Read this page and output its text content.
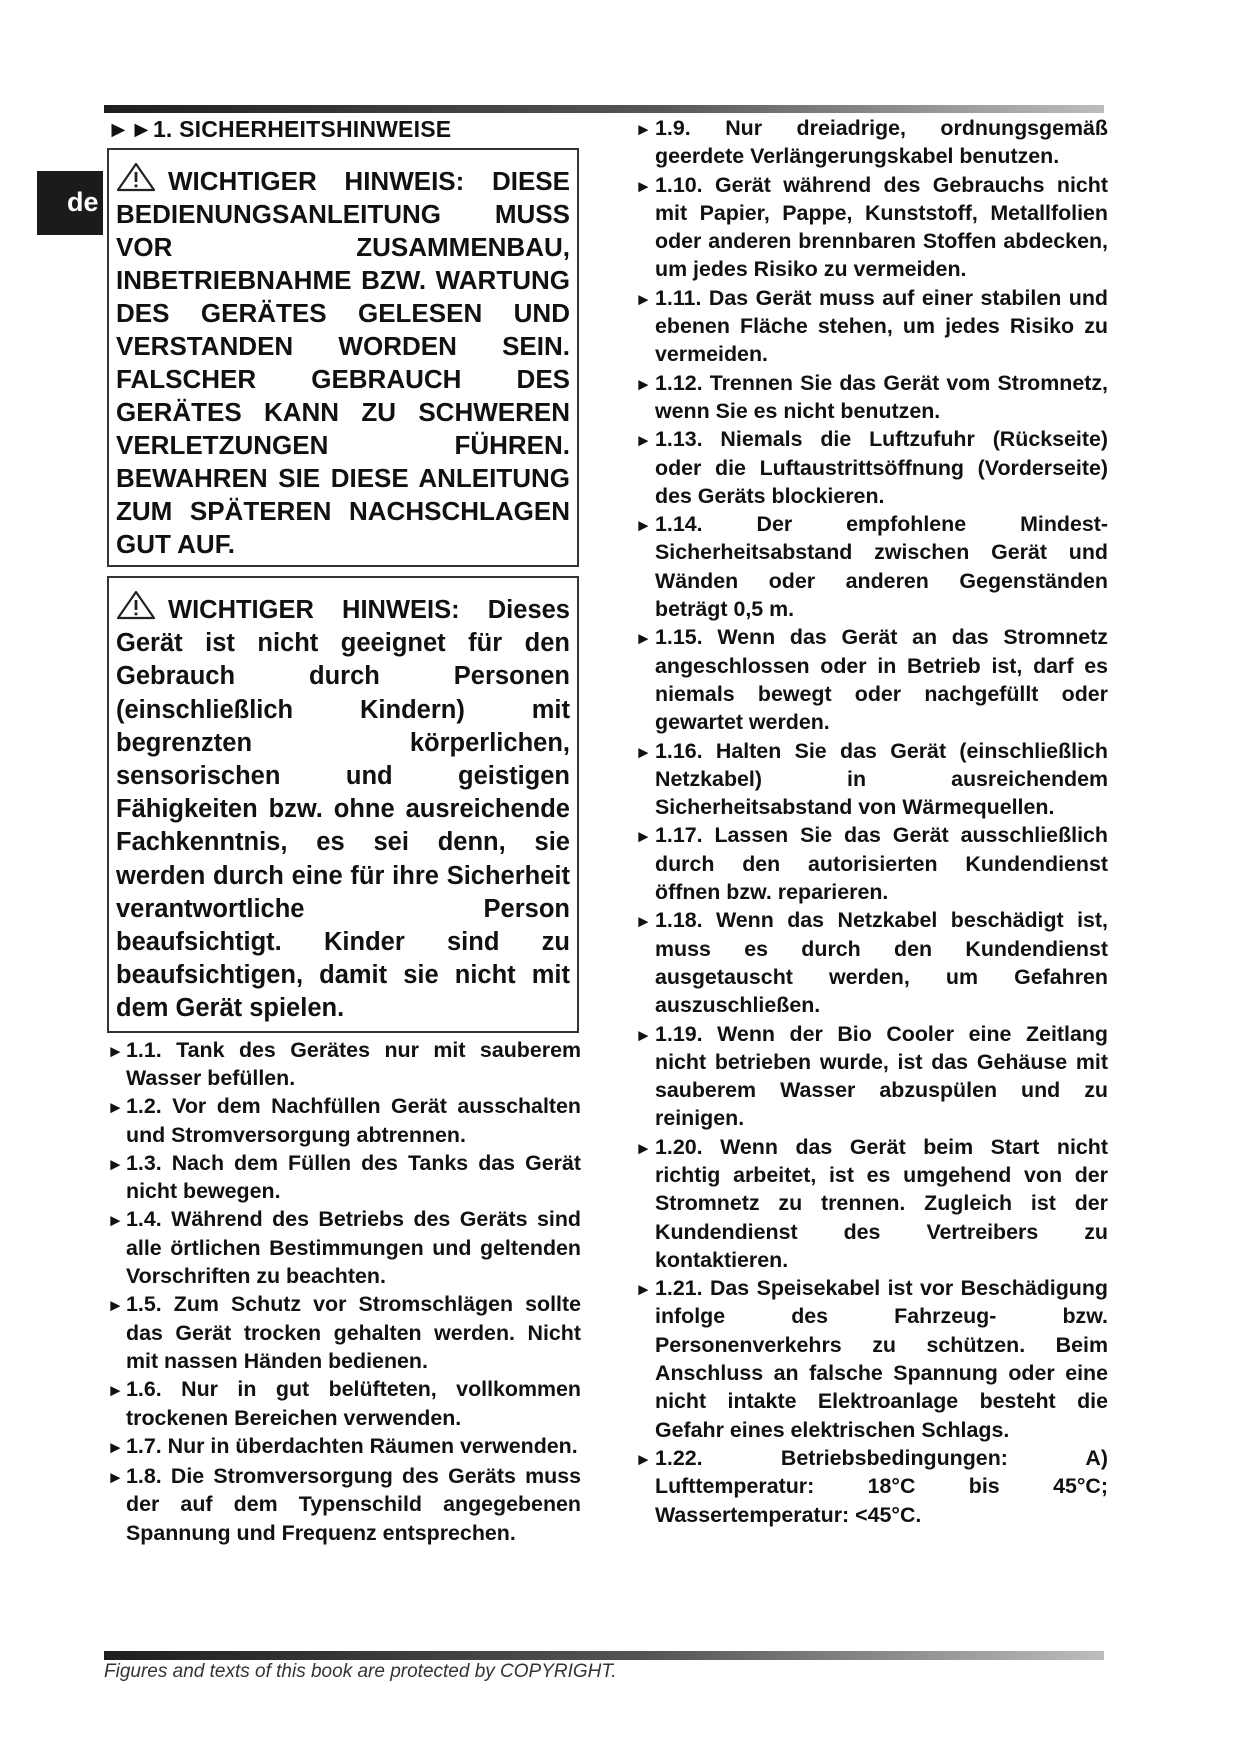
de
►►1. SICHERHEITSHINWEISE
WICHTIGER HINWEIS: DIESE BEDIENUNGSANLEITUNG MUSS VOR ZUSAMMENBAU, INBETRIEBNAHME BZW. WARTUNG DES GERÄTES GELESEN UND VERSTANDEN WORDEN SEIN. FALSCHER GEBRAUCH DES GERÄTES KANN ZU SCHWEREN VERLETZUNGEN FÜHREN. BEWAHREN SIE DIESE ANLEITUNG ZUM SPÄTEREN NACHSCHLAGEN GUT AUF.
WICHTIGER HINWEIS: Dieses Gerät ist nicht geeignet für den Gebrauch durch Personen (einschließlich Kindern) mit begrenzten körperlichen, sensorischen und geistigen Fähigkeiten bzw. ohne ausreichende Fachkenntnis, es sei denn, sie werden durch eine für ihre Sicherheit verantwortliche Person beaufsichtigt. Kinder sind zu beaufsichtigen, damit sie nicht mit dem Gerät spielen.
► 1.1. Tank des Gerätes nur mit sauberem Wasser befüllen.
► 1.2. Vor dem Nachfüllen Gerät ausschalten und Stromversorgung abtrennen.
► 1.3. Nach dem Füllen des Tanks das Gerät nicht bewegen.
► 1.4. Während des Betriebs des Geräts sind alle örtlichen Bestimmungen und geltenden Vorschriften zu beachten.
► 1.5. Zum Schutz vor Stromschlägen sollte das Gerät trocken gehalten werden. Nicht mit nassen Händen bedienen.
► 1.6. Nur in gut belüfteten, vollkommen trockenen Bereichen verwenden.
► 1.7. Nur in überdachten Räumen verwenden.
► 1.8. Die Stromversorgung des Geräts muss der auf dem Typenschild angegebenen Spannung und Frequenz entsprechen.
► 1.9. Nur dreiadrige, ordnungsgemäß geerdete Verlängerungskabel benutzen.
► 1.10. Gerät während des Gebrauchs nicht mit Papier, Pappe, Kunststoff, Metallfolien oder anderen brennbaren Stoffen abdecken, um jedes Risiko zu vermeiden.
► 1.11. Das Gerät muss auf einer stabilen und ebenen Fläche stehen, um jedes Risiko zu vermeiden.
► 1.12. Trennen Sie das Gerät vom Stromnetz, wenn Sie es nicht benutzen.
► 1.13. Niemals die Luftzufuhr (Rückseite) oder die Luftaustrittsöffnung (Vorderseite) des Geräts blockieren.
► 1.14. Der empfohlene Mindest-Sicherheitsabstand zwischen Gerät und Wänden oder anderen Gegenständen beträgt 0,5 m.
► 1.15. Wenn das Gerät an das Stromnetz angeschlossen oder in Betrieb ist, darf es niemals bewegt oder nachgefüllt oder gewartet werden.
► 1.16. Halten Sie das Gerät (einschließlich Netzkabel) in ausreichendem Sicherheitsabstand von Wärmequellen.
► 1.17. Lassen Sie das Gerät ausschließlich durch den autorisierten Kundendienst öffnen bzw. reparieren.
► 1.18. Wenn das Netzkabel beschädigt ist, muss es durch den Kundendienst ausgetauscht werden, um Gefahren auszuschließen.
► 1.19. Wenn der Bio Cooler eine Zeitlang nicht betrieben wurde, ist das Gehäuse mit sauberem Wasser abzuspülen und zu reinigen.
► 1.20. Wenn das Gerät beim Start nicht richtig arbeitet, ist es umgehend von der Stromnetz zu trennen. Zugleich ist der Kundendienst des Vertreibers zu kontaktieren.
► 1.21. Das Speisekabel ist vor Beschädigung infolge des Fahrzeug- bzw. Personenverkehrs zu schützen. Beim Anschluss an falsche Spannung oder eine nicht intakte Elektroanlage besteht die Gefahr eines elektrischen Schlags.
► 1.22. Betriebsbedingungen: A) Lufttemperatur: 18°C bis 45°C; Wassertemperatur: <45°C.
Figures and texts of this book are protected by COPYRIGHT.
